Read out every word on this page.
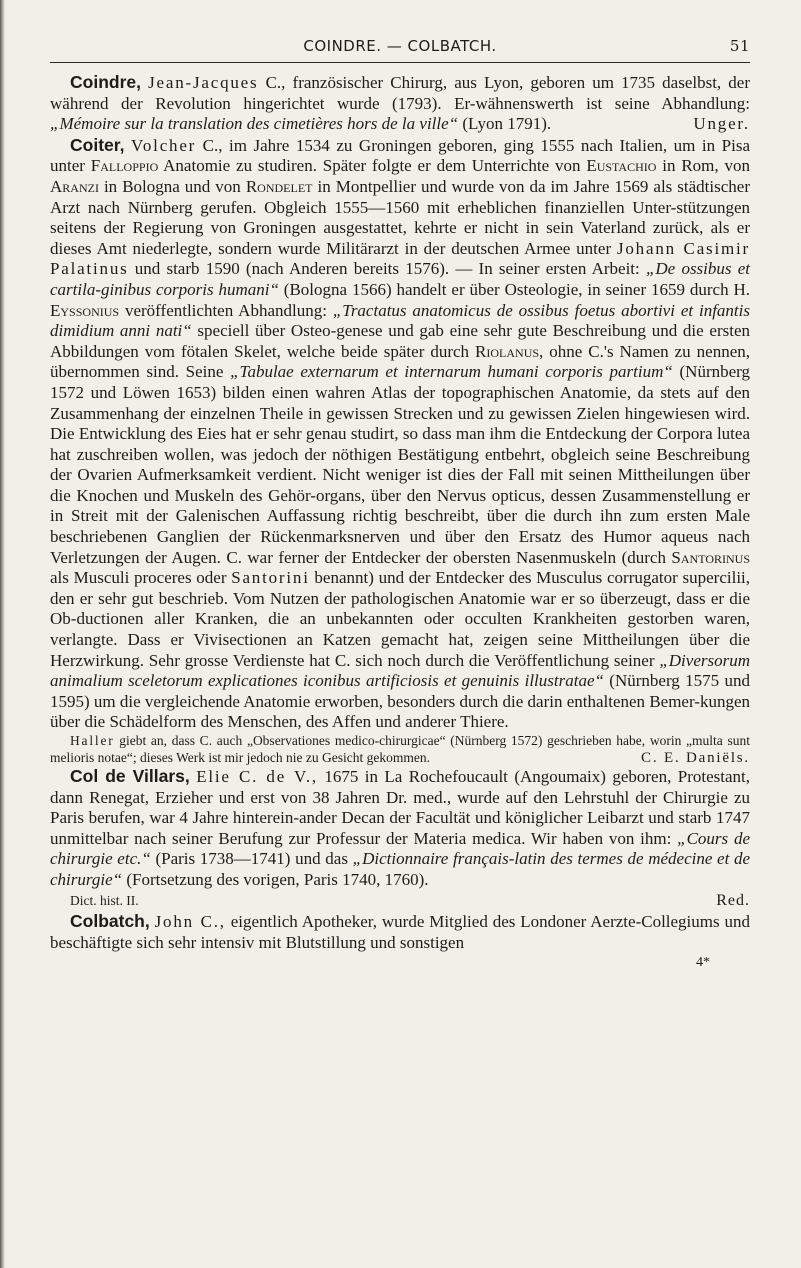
COINDRE. — COLBATCH.	51

Coindre, Jean-Jacques C., französischer Chirurg, aus Lyon, geboren um 1735 daselbst, der während der Revolution hingerichtet wurde (1793). Er-wähnenswerth ist seine Abhandlung: „Mémoire sur la translation des cimetières hors de la ville“ (Lyon 1791).	Unger.

Coiter, Volcher C., im Jahre 1534 zu Groningen geboren, ging 1555 nach Italien, um in Pisa unter Falloppio Anatomie zu studiren. Später folgte er dem Unterrichte von Eustachio in Rom, von Aranzi in Bologna und von Rondelet in Montpellier und wurde von da im Jahre 1569 als städtischer Arzt nach Nürnberg gerufen. Obgleich 1555—1560 mit erheblichen finanziellen Unter-stützungen seitens der Regierung von Groningen ausgestattet, kehrte er nicht in sein Vaterland zurück, als er dieses Amt niederlegte, sondern wurde Militärarzt in der deutschen Armee unter Johann Casimir Palatinus und starb 1590 (nach Anderen bereits 1576). — In seiner ersten Arbeit: „De ossibus et cartila-ginibus corporis humani“ (Bologna 1566) handelt er über Osteologie, in seiner 1659 durch H. Eyssonius veröffentlichten Abhandlung: „Tractatus anatomicus de ossibus foetus abortivi et infantis dimidium anni nati“ speciell über Osteo-genese und gab eine sehr gute Beschreibung und die ersten Abbildungen vom fötalen Skelet, welche beide später durch Riolanus, ohne C.'s Namen zu nennen, übernommen sind. Seine „Tabulae externarum et internarum humani corporis partium“ (Nürnberg 1572 und Löwen 1653) bilden einen wahren Atlas der topographischen Anatomie, da stets auf den Zusammenhang der einzelnen Theile in gewissen Strecken und zu gewissen Zielen hingewiesen wird. Die Entwicklung des Eies hat er sehr genau studirt, so dass man ihm die Entdeckung der Corpora lutea hat zuschreiben wollen, was jedoch der nöthigen Bestätigung entbehrt, obgleich seine Beschreibung der Ovarien Aufmerksamkeit verdient. Nicht weniger ist dies der Fall mit seinen Mittheilungen über die Knochen und Muskeln des Gehör-organs, über den Nervus opticus, dessen Zusammenstellung er in Streit mit der Galenischen Auffassung richtig beschreibt, über die durch ihn zum ersten Male beschriebenen Ganglien der Rückenmarksnerven und über den Ersatz des Humor aqueus nach Verletzungen der Augen. C. war ferner der Entdecker der obersten Nasenmuskeln (durch Santorinus als Musculi proceres oder Santorini benannt) und der Entdecker des Musculus corrugator supercilii, den er sehr gut beschrieb. Vom Nutzen der pathologischen Anatomie war er so überzeugt, dass er die Ob-ductionen aller Kranken, die an unbekannten oder occulten Krankheiten gestorben waren, verlangte. Dass er Vivisectionen an Katzen gemacht hat, zeigen seine Mittheilungen über die Herzwirkung. Sehr grosse Verdienste hat C. sich noch durch die Veröffentlichung seiner „Diversorum animalium sceletorum explicationes iconibus artificiosis et genuinis illustratae“ (Nürnberg 1575 und 1595) um die vergleichende Anatomie erworben, besonders durch die darin enthaltenen Bemer-kungen über die Schädelform des Menschen, des Affen und anderer Thiere.

Haller giebt an, dass C. auch „Observationes medico-chirurgicae“ (Nürnberg 1572) geschrieben habe, worin „multa sunt melioris notae“; dieses Werk ist mir jedoch nie zu Gesicht gekommen.	C. E. Daniëls.

Col de Villars, Elie C. de V., 1675 in La Rochefoucault (Angoumaix) geboren, Protestant, dann Renegat, Erzieher und erst von 38 Jahren Dr. med., wurde auf den Lehrstuhl der Chirurgie zu Paris berufen, war 4 Jahre hinterein-ander Decan der Facultät und königlicher Leibarzt und starb 1747 unmittelbar nach seiner Berufung zur Professur der Materia medica. Wir haben von ihm: „Cours de chirurgie etc.“ (Paris 1738—1741) und das „Dictionnaire français-latin des termes de médecine et de chirurgie“ (Fortsetzung des vorigen, Paris 1740, 1760).

Dict. hist. II.	Red.

Colbatch, John C., eigentlich Apotheker, wurde Mitglied des Londoner Aerzte-Collegiums und beschäftigte sich sehr intensiv mit Blutstillung und sonstigen

4*
